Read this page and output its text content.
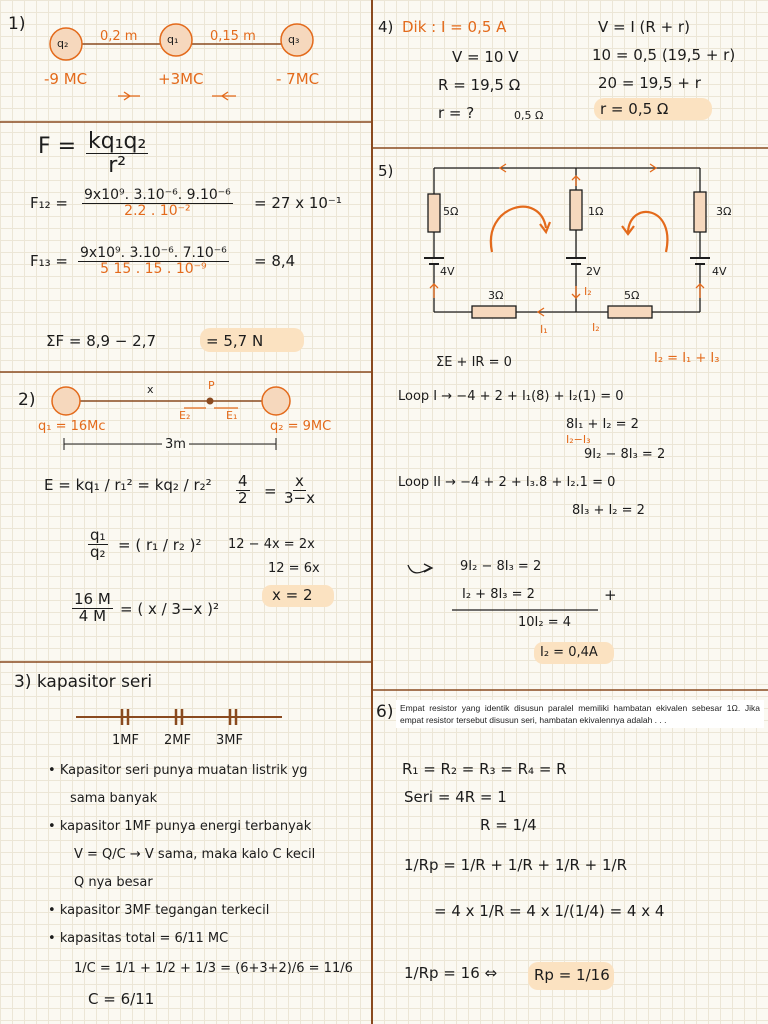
1)
q₂	q₁	q₃
0,2 m	0,15 m
-9 MC	+3MC	- 7MC
$F = \frac{\text{kq₁q₂}}{\text{r²}}$
$F_{12} = \frac{\text{9x10⁹. 3.10⁻⁶. 9.10⁻⁶}}{\text{2.2 . 10⁻²}} = 27$ x 10⁻¹
$F_{13} = \frac{\text{9x10⁹. 3.10⁻⁶. 7.10⁻⁶}}{\text{5 15 . 15 . 10⁻⁹}} = 8,4$
ΣF = 8,9 − 2,7	= 5,7 N
2)
x	P
E₂	E₁
q₁ = 16Mc	q₂ = 9MC
3m
E = kq₁ / r₁² = kq₂ / r₂²
$\frac{\text{q₁}}{\text{q₂}}$ = ( r₁ / r₂ )²
$\frac{16 M}{4 M}$ = ( x / 3−x )²
$\frac{4}{2} = \frac{x}{3-x}$
12 − 4x = 2x
12 = 6x
x = 2
3) kapasitor seri
1MF 2MF 3MF
• Kapasitor seri punya muatan listrik yg
sama banyak
• kapasitor 1MF punya energi terbanyak
V = Q/C → V sama, maka kalo C kecil
Q nya besar
• kapasitor 3MF tegangan terkecil
• kapasitas total = 6/11 MC
1/C = 1/1 + 1/2 + 1/3 = (6+3+2)/6 = 11/6
C = 6/11
4) Dik : I = 0,5 A
V = 10 V
R = 19,5 Ω
r = ?	0,5 Ω
V = I (R + r)
10 = 0,5 (19,5 + r)
20 = 19,5 + r
r = 0,5 Ω
5)
5Ω	1Ω	3Ω
4V	2V	4V
3Ω	5Ω
I₁	I₂
I₂
ΣE + IR = 0	I₂ = I₁ + I₃
Loop I → −4 + 2 + I₁(8) + I₂(1) = 0
8I₁ + I₂ = 2
I₂−I₃
9I₂ − 8I₃ = 2
Loop II → −4 + 2 + I₃.8 + I₂.1 = 0
8I₃ + I₂ = 2
9I₂ − 8I₃ = 2
I₂ + 8I₃ = 2	+
10I₂ = 4
I₂ = 0,4A
6) Empat resistor yang identik disusun paralel memiliki hambatan ekivalen sebesar 1Ω. Jika empat resistor tersebut disusun seri, hambatan ekivalennya adalah . . .
R₁ = R₂ = R₃ = R₄ = R
Seri = 4R = 1
R = 1/4
1/Rp = 1/R + 1/R + 1/R + 1/R
= 4 x 1/R = 4 x 1/(1/4) = 4 x 4
1/Rp = 16 ⇔ Rp = 1/16
